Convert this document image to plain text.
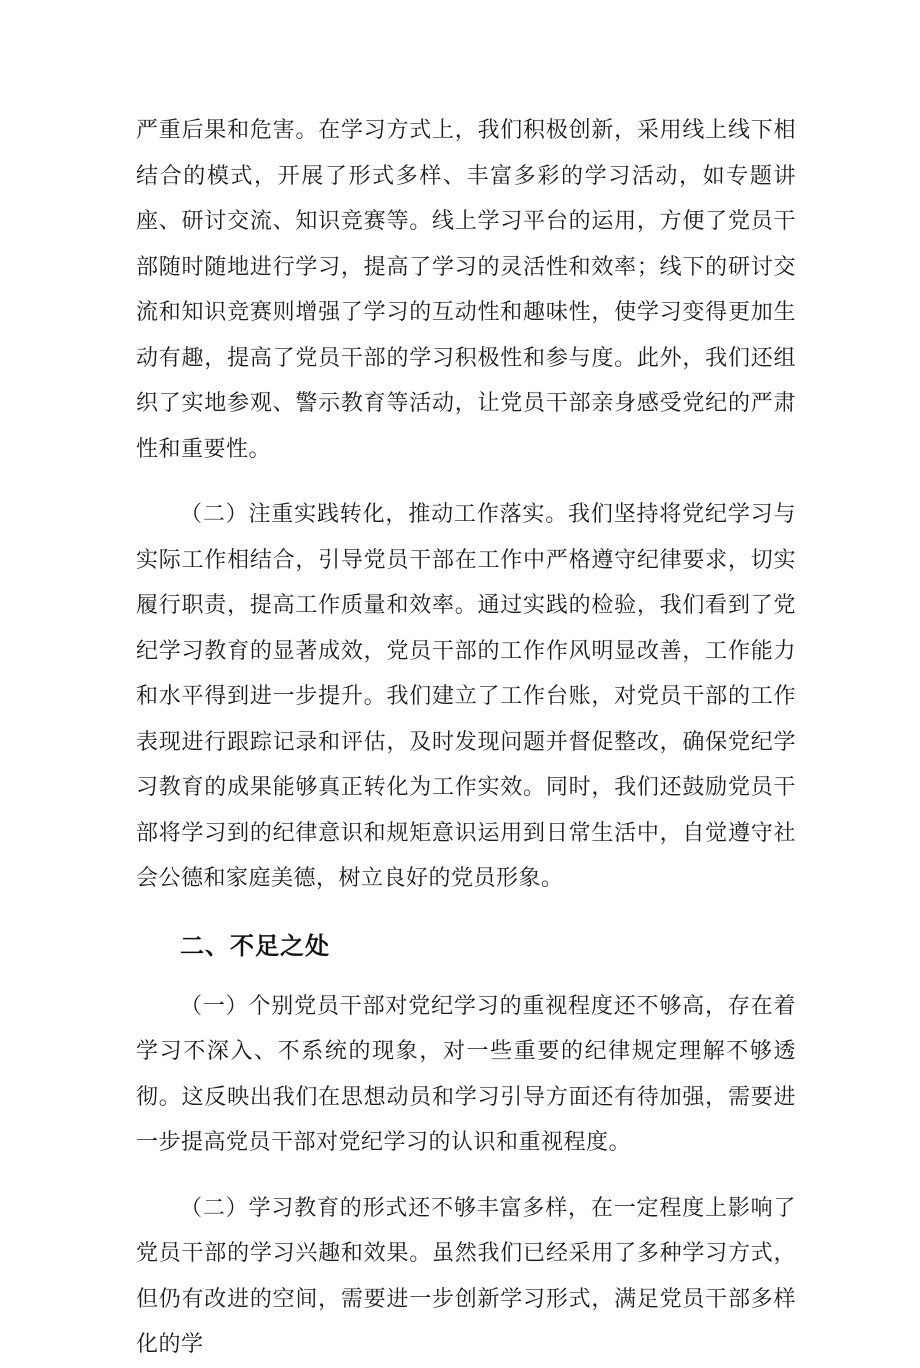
严重后果和危害。在学习方式上，我们积极创新，采用线上线下相结合的模式，开展了形式多样、丰富多彩的学习活动，如专题讲座、研讨交流、知识竞赛等。线上学习平台的运用，方便了党员干部随时随地进行学习，提高了学习的灵活性和效率；线下的研讨交流和知识竞赛则增强了学习的互动性和趣味性，使学习变得更加生动有趣，提高了党员干部的学习积极性和参与度。此外，我们还组织了实地参观、警示教育等活动，让党员干部亲身感受党纪的严肃性和重要性。

（二）注重实践转化，推动工作落实。我们坚持将党纪学习与实际工作相结合，引导党员干部在工作中严格遵守纪律要求，切实履行职责，提高工作质量和效率。通过实践的检验，我们看到了党纪学习教育的显著成效，党员干部的工作作风明显改善，工作能力和水平得到进一步提升。我们建立了工作台账，对党员干部的工作表现进行跟踪记录和评估，及时发现问题并督促整改，确保党纪学习教育的成果能够真正转化为工作实效。同时，我们还鼓励党员干部将学习到的纪律意识和规矩意识运用到日常生活中，自觉遵守社会公德和家庭美德，树立良好的党员形象。

二、不足之处

（一）个别党员干部对党纪学习的重视程度还不够高，存在着学习不深入、不系统的现象，对一些重要的纪律规定理解不够透彻。这反映出我们在思想动员和学习引导方面还有待加强，需要进一步提高党员干部对党纪学习的认识和重视程度。

（二）学习教育的形式还不够丰富多样，在一定程度上影响了党员干部的学习兴趣和效果。虽然我们已经采用了多种学习方式，但仍有改进的空间，需要进一步创新学习形式，满足党员干部多样化的学
